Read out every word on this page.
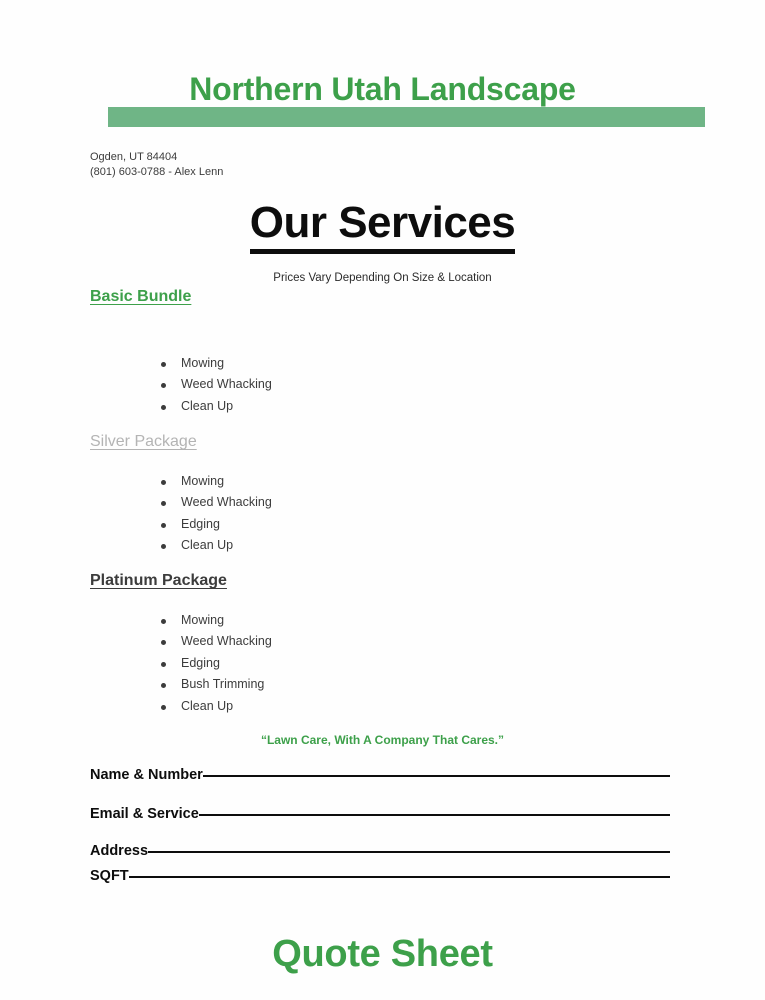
Northern Utah Landscape
Ogden, UT 84404
(801) 603-0788 - Alex Lenn
Our Services
Prices Vary Depending On Size & Location
Basic Bundle
Mowing
Weed Whacking
Clean Up
Silver Package
Mowing
Weed Whacking
Edging
Clean Up
Platinum Package
Mowing
Weed Whacking
Edging
Bush Trimming
Clean Up
“Lawn Care, With A Company That Cares.”
Name & Number
Email & Service
Address
SQFT
Quote Sheet
